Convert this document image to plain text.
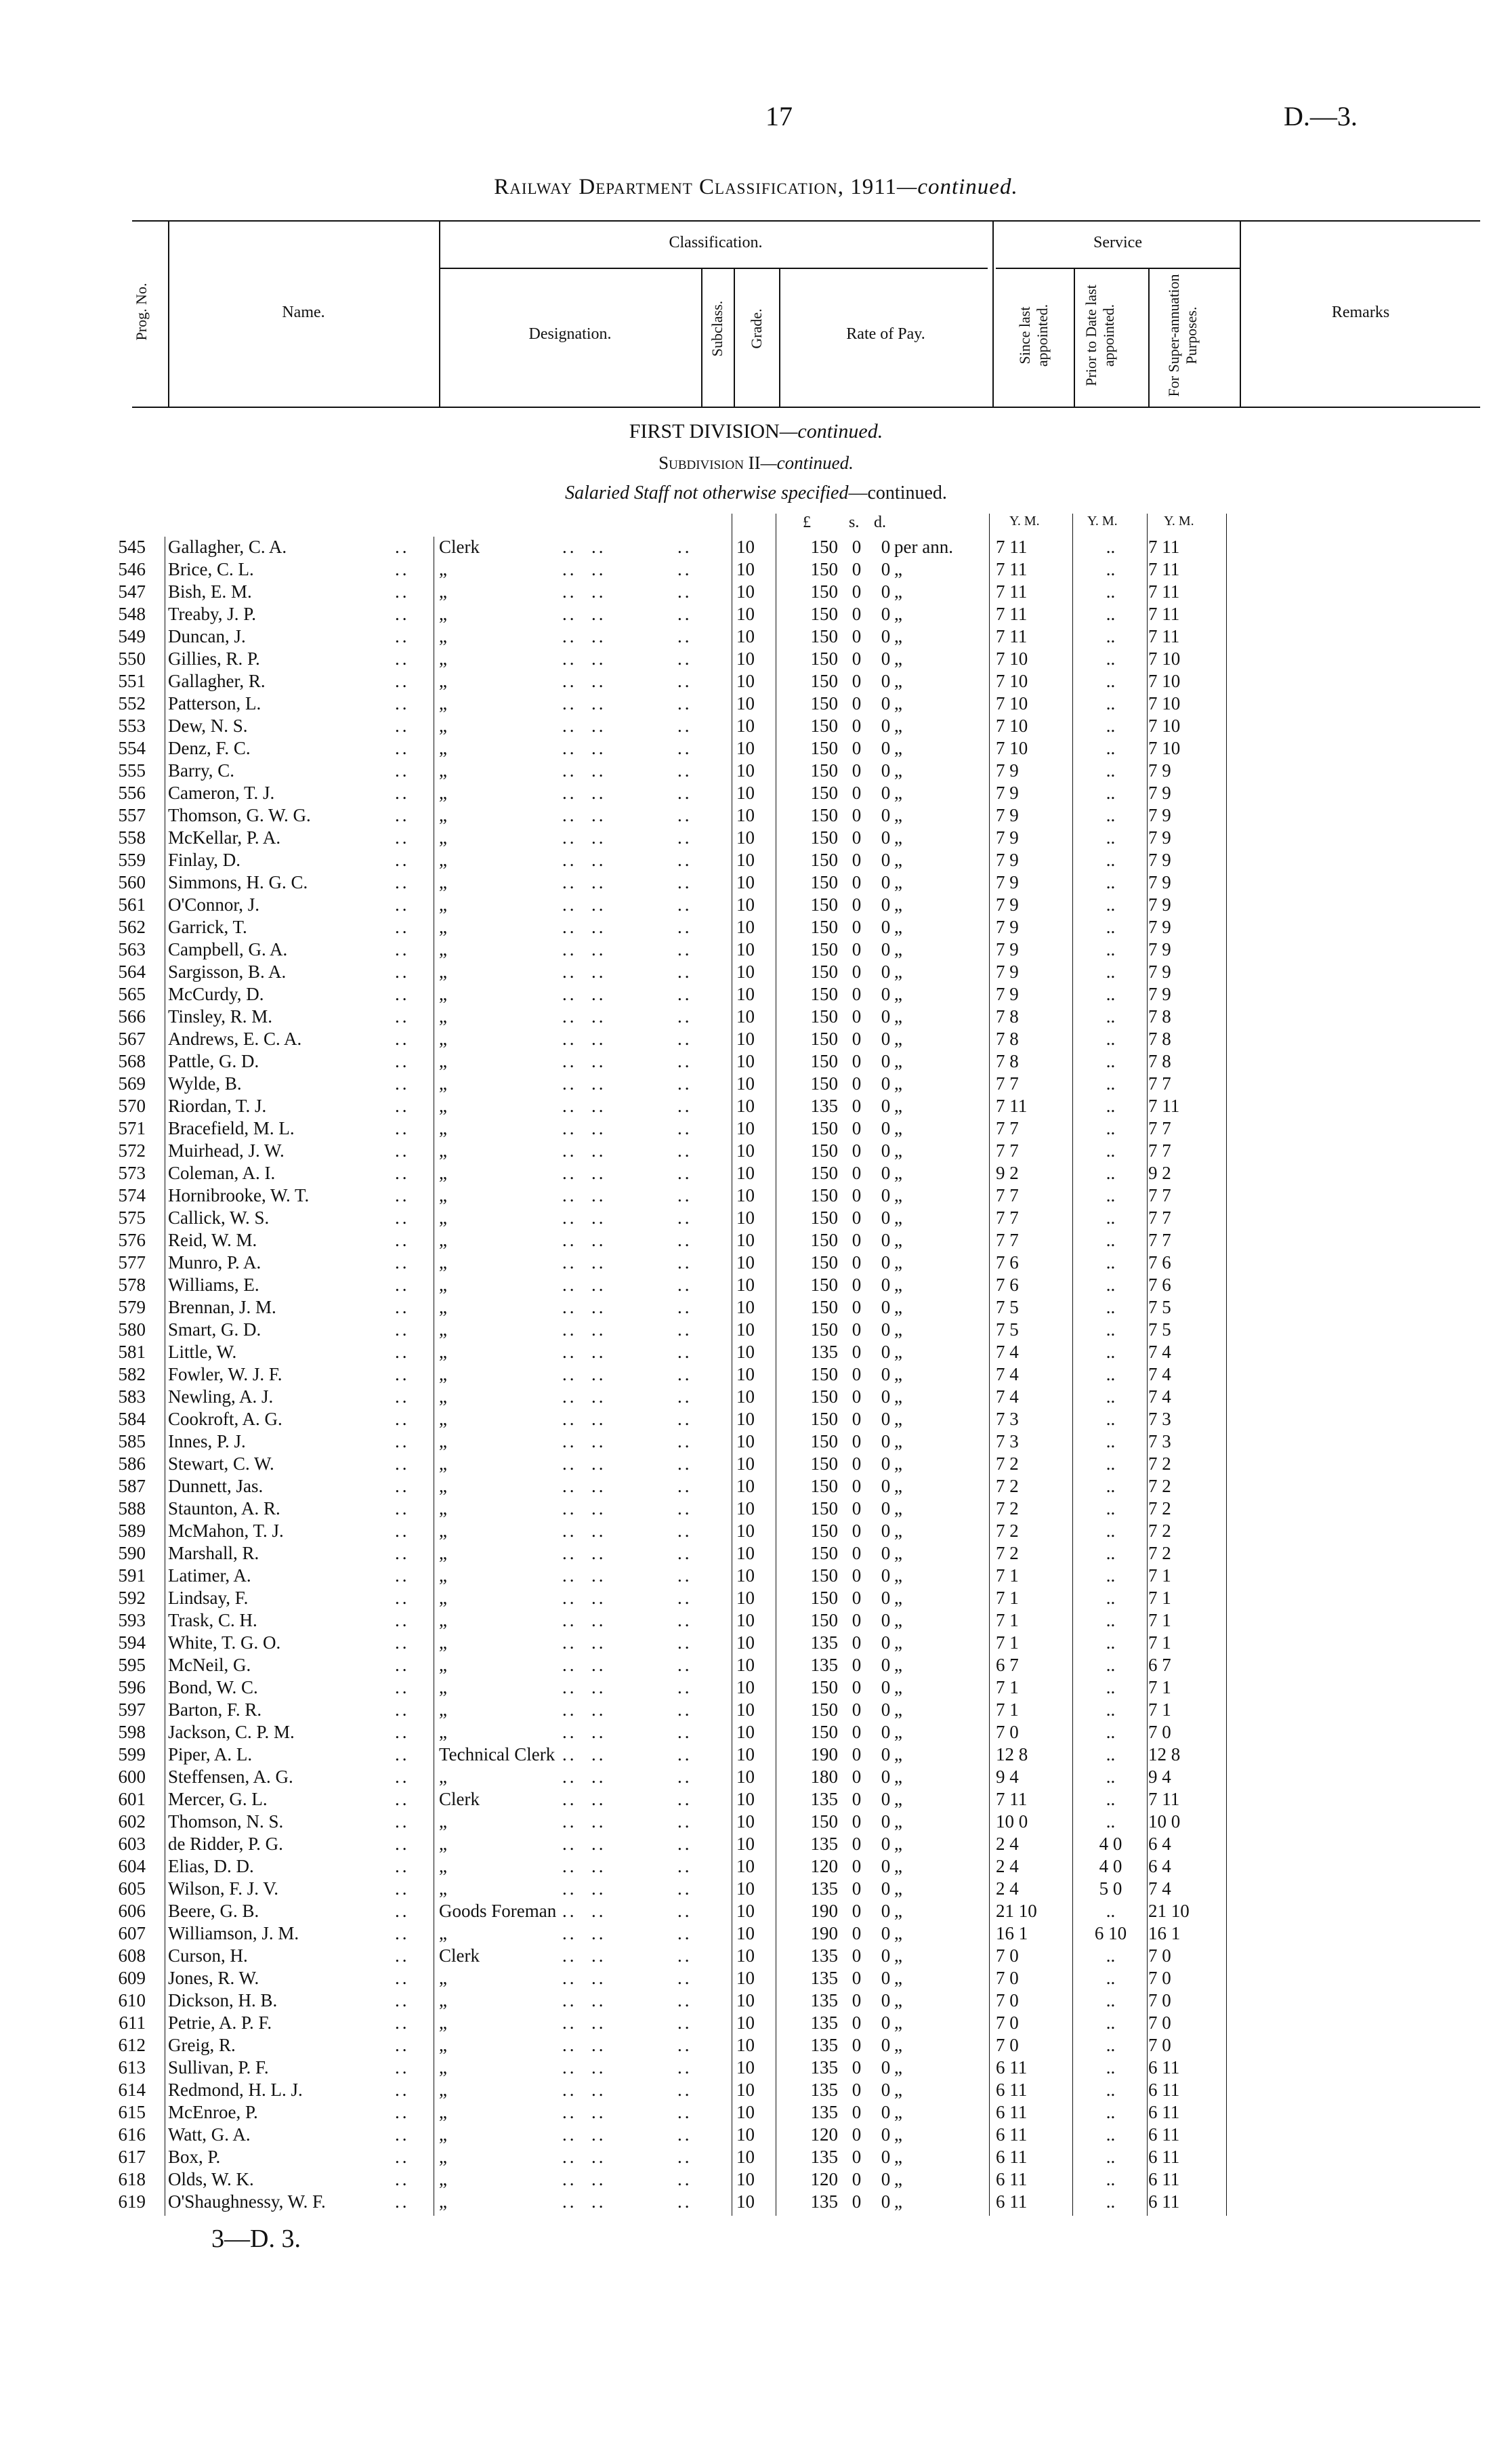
17	D.—3.
Railway Department Classification, 1911—continued.
Prog. No.	Name.
Classification.
Designation.	Subclass. Grade.	Rate of Pay.
Service
Since last appointed. Prior to Date last appointed.	For Super-annuation Purposes.	Remarks
FIRST DIVISION—continued.
Subdivision II—continued.
Salaried Staff not otherwise specified—continued.
£ s. d.	Y. M.	Y. M.	Y. M.
545 Gallagher, C. A.	.. Clerk	..  ..	.. 10	150 0 0 per ann. 7 11	..	7 11
546 Brice, C. L.	.. „	..  ..	.. 10	150 0 0 „	7 11	..	7 11
547 Bish, E. M.	.. „	..  ..	.. 10	150 0 0 „	7 11	..	7 11
548 Treaby, J. P.	.. „	..  ..	.. 10	150 0 0 „	7 11	..	7 11
549 Duncan, J.	.. „	..  ..	.. 10	150 0 0 „	7 11	..	7 11
550 Gillies, R. P.	.. „	..  ..	.. 10	150 0 0 „	7 10	..	7 10
551 Gallagher, R.	.. „	..  ..	.. 10	150 0 0 „	7 10	..	7 10
552 Patterson, L.	.. „	..  ..	.. 10	150 0 0 „	7 10	..	7 10
553 Dew, N. S.	.. „	..  ..	.. 10	150 0 0 „	7 10	..	7 10
554 Denz, F. C.	.. „	..  ..	.. 10	150 0 0 „	7 10	..	7 10
555 Barry, C.	.. „	..  ..	.. 10	150 0 0 „	7 9	..	7 9
556 Cameron, T. J.	.. „	..  ..	.. 10	150 0 0 „	7 9	..	7 9
557 Thomson, G. W. G.	.. „	..  ..	.. 10	150 0 0 „	7 9	..	7 9
558 McKellar, P. A.	.. „	..  ..	.. 10	150 0 0 „	7 9	..	7 9
559 Finlay, D.	.. „	..  ..	.. 10	150 0 0 „	7 9	..	7 9
560 Simmons, H. G. C.	.. „	..  ..	.. 10	150 0 0 „	7 9	..	7 9
561 O'Connor, J.	.. „	..  ..	.. 10	150 0 0 „	7 9	..	7 9
562 Garrick, T.	.. „	..  ..	.. 10	150 0 0 „	7 9	..	7 9
563 Campbell, G. A.	.. „	..  ..	.. 10	150 0 0 „	7 9	..	7 9
564 Sargisson, B. A.	.. „	..  ..	.. 10	150 0 0 „	7 9	..	7 9
565 McCurdy, D.	.. „	..  ..	.. 10	150 0 0 „	7 9	..	7 9
566 Tinsley, R. M.	.. „	..  ..	.. 10	150 0 0 „	7 8	..	7 8
567 Andrews, E. C. A.	.. „	..  ..	.. 10	150 0 0 „	7 8	..	7 8
568 Pattle, G. D.	.. „	..  ..	.. 10	150 0 0 „	7 8	..	7 8
569 Wylde, B.	.. „	..  ..	.. 10	150 0 0 „	7 7	..	7 7
570 Riordan, T. J.	.. „	..  ..	.. 10	135 0 0 „	7 11	..	7 11
571 Bracefield, M. L.	.. „	..  ..	.. 10	150 0 0 „	7 7	..	7 7
572 Muirhead, J. W.	.. „	..  ..	.. 10	150 0 0 „	7 7	..	7 7
573 Coleman, A. I.	.. „	..  ..	.. 10	150 0 0 „	9 2	..	9 2
574 Hornibrooke, W. T.	.. „	..  ..	.. 10	150 0 0 „	7 7	..	7 7
575 Callick, W. S.	.. „	..  ..	.. 10	150 0 0 „	7 7	..	7 7
576 Reid, W. M.	.. „	..  ..	.. 10	150 0 0 „	7 7	..	7 7
577 Munro, P. A.	.. „	..  ..	.. 10	150 0 0 „	7 6	..	7 6
578 Williams, E.	.. „	..  ..	.. 10	150 0 0 „	7 6	..	7 6
579 Brennan, J. M.	.. „	..  ..	.. 10	150 0 0 „	7 5	..	7 5
580 Smart, G. D.	.. „	..  ..	.. 10	150 0 0 „	7 5	..	7 5
581 Little, W.	.. „	..  ..	.. 10	135 0 0 „	7 4	..	7 4
582 Fowler, W. J. F.	.. „	..  ..	.. 10	150 0 0 „	7 4	..	7 4
583 Newling, A. J.	.. „	..  ..	.. 10	150 0 0 „	7 4	..	7 4
584 Cookroft, A. G.	.. „	..  ..	.. 10	150 0 0 „	7 3	..	7 3
585 Innes, P. J.	.. „	..  ..	.. 10	150 0 0 „	7 3	..	7 3
586 Stewart, C. W.	.. „	..  ..	.. 10	150 0 0 „	7 2	..	7 2
587 Dunnett, Jas.	.. „	..  ..	.. 10	150 0 0 „	7 2	..	7 2
588 Staunton, A. R.	.. „	..  ..	.. 10	150 0 0 „	7 2	..	7 2
589 McMahon, T. J.	.. „	..  ..	.. 10	150 0 0 „	7 2	..	7 2
590 Marshall, R.	.. „	..  ..	.. 10	150 0 0 „	7 2	..	7 2
591 Latimer, A.	.. „	..  ..	.. 10	150 0 0 „	7 1	..	7 1
592 Lindsay, F.	.. „	..  ..	.. 10	150 0 0 „	7 1	..	7 1
593 Trask, C. H.	.. „	..  ..	.. 10	150 0 0 „	7 1	..	7 1
594 White, T. G. O.	.. „	..  ..	.. 10	135 0 0 „	7 1	..	7 1
595 McNeil, G.	.. „	..  ..	.. 10	135 0 0 „	6 7	..	6 7
596 Bond, W. C.	.. „	..  ..	.. 10	150 0 0 „	7 1	..	7 1
597 Barton, F. R.	.. „	..  ..	.. 10	150 0 0 „	7 1	..	7 1
598 Jackson, C. P. M.	.. „	..  ..	.. 10	150 0 0 „	7 0	..	7 0
599 Piper, A. L.	.. Technical Clerk ..  ..	.. 10	190 0 0 „	12 8	..	12 8
600 Steffensen, A. G.	.. „	..  ..	.. 10	180 0 0 „	9 4	..	9 4
601 Mercer, G. L.	.. Clerk	..  ..	.. 10	135 0 0 „	7 11	..	7 11
602 Thomson, N. S.	.. „	..  ..	.. 10	150 0 0 „	10 0	..	10 0
603 de Ridder, P. G.	.. „	..  ..	.. 10	135 0 0 „	2 4	4 0	6 4
604 Elias, D. D.	.. „	..  ..	.. 10	120 0 0 „	2 4	4 0	6 4
605 Wilson, F. J. V.	.. „	..  ..	.. 10	135 0 0 „	2 4	5 0	7 4
606 Beere, G. B.	.. Goods Foreman ..  ..	.. 10	190 0 0 „	21 10	..	21 10
607 Williamson, J. M.	.. „	..  ..	.. 10	190 0 0 „	16 1	6 10	16 1
608 Curson, H.	.. Clerk	..  ..	.. 10	135 0 0 „	7 0	..	7 0
609 Jones, R. W.	.. „	..  ..	.. 10	135 0 0 „	7 0	..	7 0
610 Dickson, H. B.	.. „	..  ..	.. 10	135 0 0 „	7 0	..	7 0
611 Petrie, A. P. F.	.. „	..  ..	.. 10	135 0 0 „	7 0	..	7 0
612 Greig, R.	.. „	..  ..	.. 10	135 0 0 „	7 0	..	7 0
613 Sullivan, P. F.	.. „	..  ..	.. 10	135 0 0 „	6 11	..	6 11
614 Redmond, H. L. J.	.. „	..  ..	.. 10	135 0 0 „	6 11	..	6 11
615 McEnroe, P.	.. „	..  ..	.. 10	135 0 0 „	6 11	..	6 11
616 Watt, G. A.	.. „	..  ..	.. 10	120 0 0 „	6 11	..	6 11
617 Box, P.	.. „	..  ..	.. 10	135 0 0 „	6 11	..	6 11
618 Olds, W. K.	.. „	..  ..	.. 10	120 0 0 „	6 11	..	6 11
619 O'Shaughnessy, W. F.	.. „	..  ..	.. 10	135 0 0 „	6 11	..	6 11
3—D. 3.
